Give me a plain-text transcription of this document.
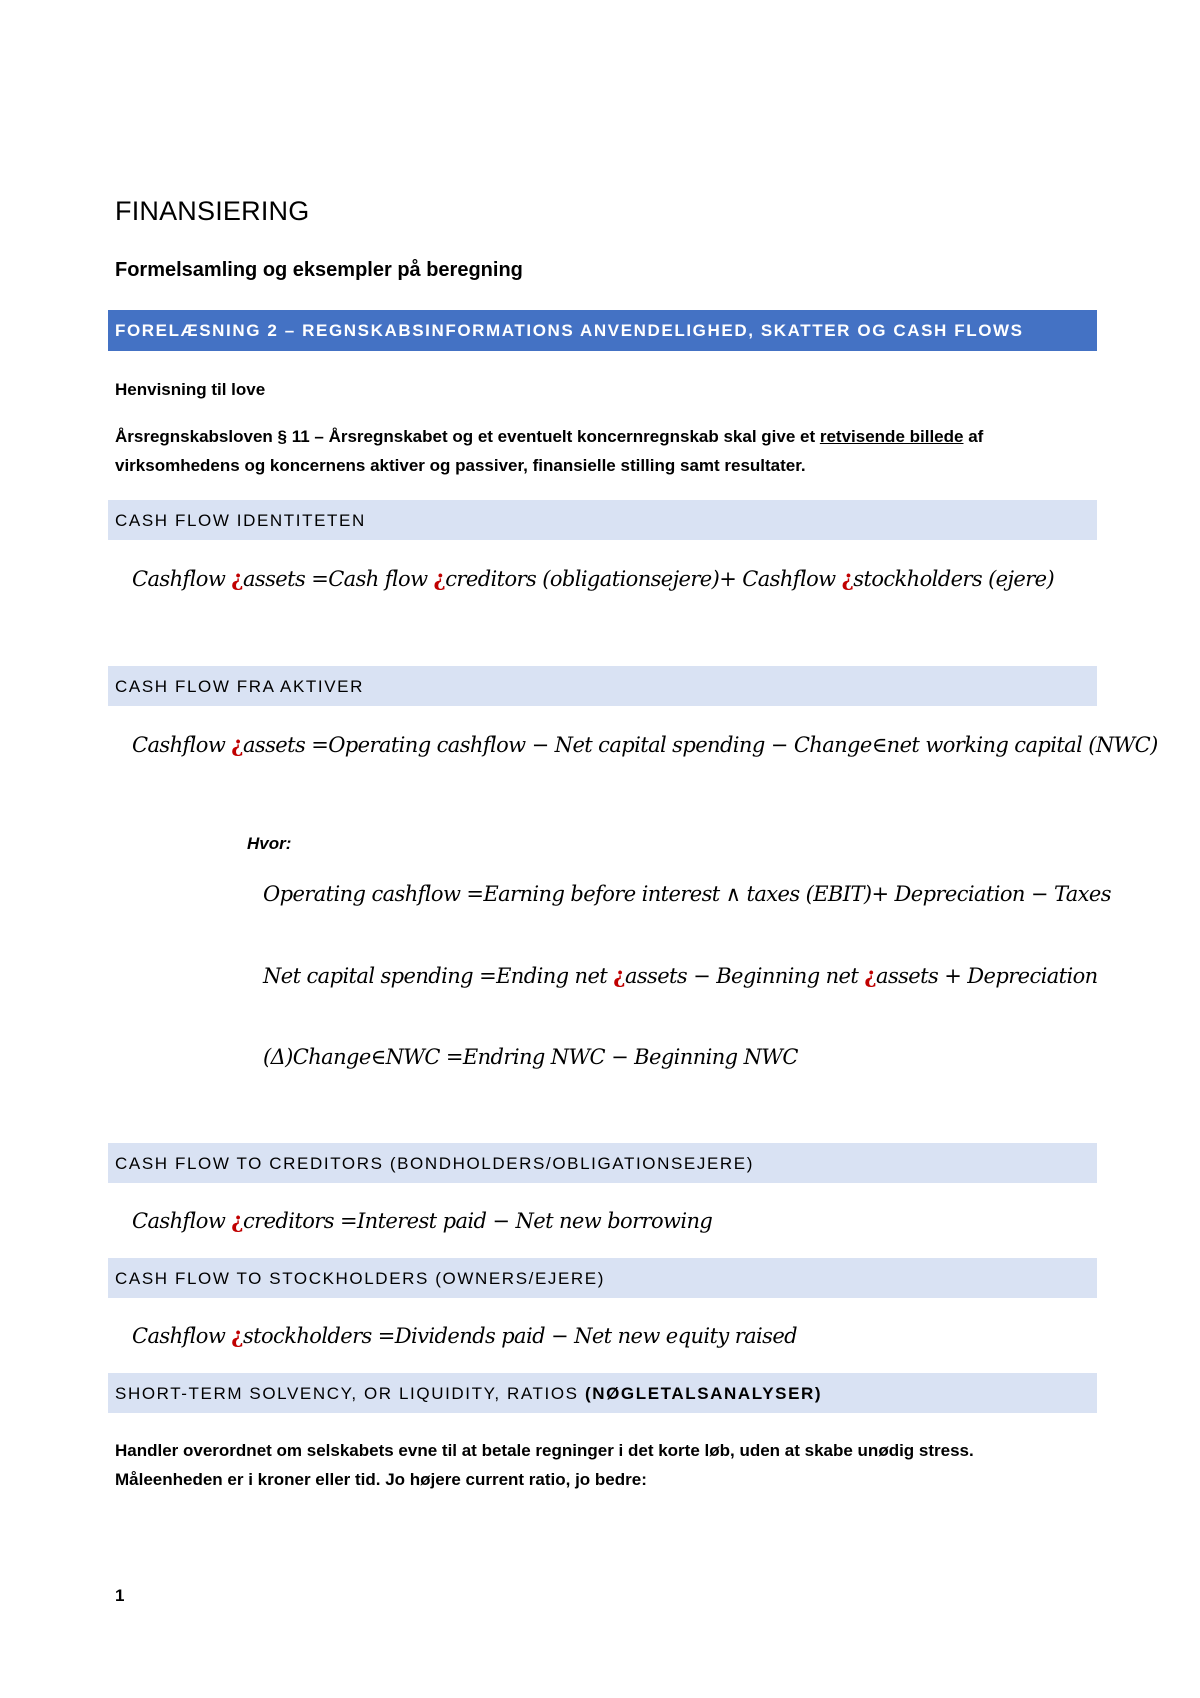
FINANSIERING
Formelsamling og eksempler på beregning
FORELÆSNING 2 – REGNSKABSINFORMATIONS ANVENDELIGHED, SKATTER OG CASH FLOWS
Henvisning til love
Årsregnskabsloven § 11 – Årsregnskabet og et eventuelt koncernregnskab skal give et retvisende billede af virksomhedens og koncernens aktiver og passiver, finansielle stilling samt resultater.
CASH FLOW IDENTITETEN
Cashflow ¿assets =Cash flow ¿creditors (obligationsejere)+ Cashflow ¿stockholders (ejere)
CASH FLOW FRA AKTIVER
Cashflow ¿assets =Operating cashflow − Net capital spending − Change∈net working capital (NWC)
Hvor:
Operating cashflow =Earning before interest ∧ taxes (EBIT)+ Depreciation − Taxes
Net capital spending =Ending net ¿assets − Beginning net ¿assets + Depreciation
(Δ)Change∈NWC =Endring NWC − Beginning NWC
CASH FLOW TO CREDITORS (BONDHOLDERS/OBLIGATIONSEJERE)
Cashflow ¿creditors =Interest paid − Net new borrowing
CASH FLOW TO STOCKHOLDERS (OWNERS/EJERE)
Cashflow ¿stockholders =Dividends paid − Net new equity raised
SHORT-TERM SOLVENCY, OR LIQUIDITY, RATIOS (NØGLETALSANALYSER)
Handler overordnet om selskabets evne til at betale regninger i det korte løb, uden at skabe unødig stress.
Måleenheden er i kroner eller tid. Jo højere current ratio, jo bedre:
1
